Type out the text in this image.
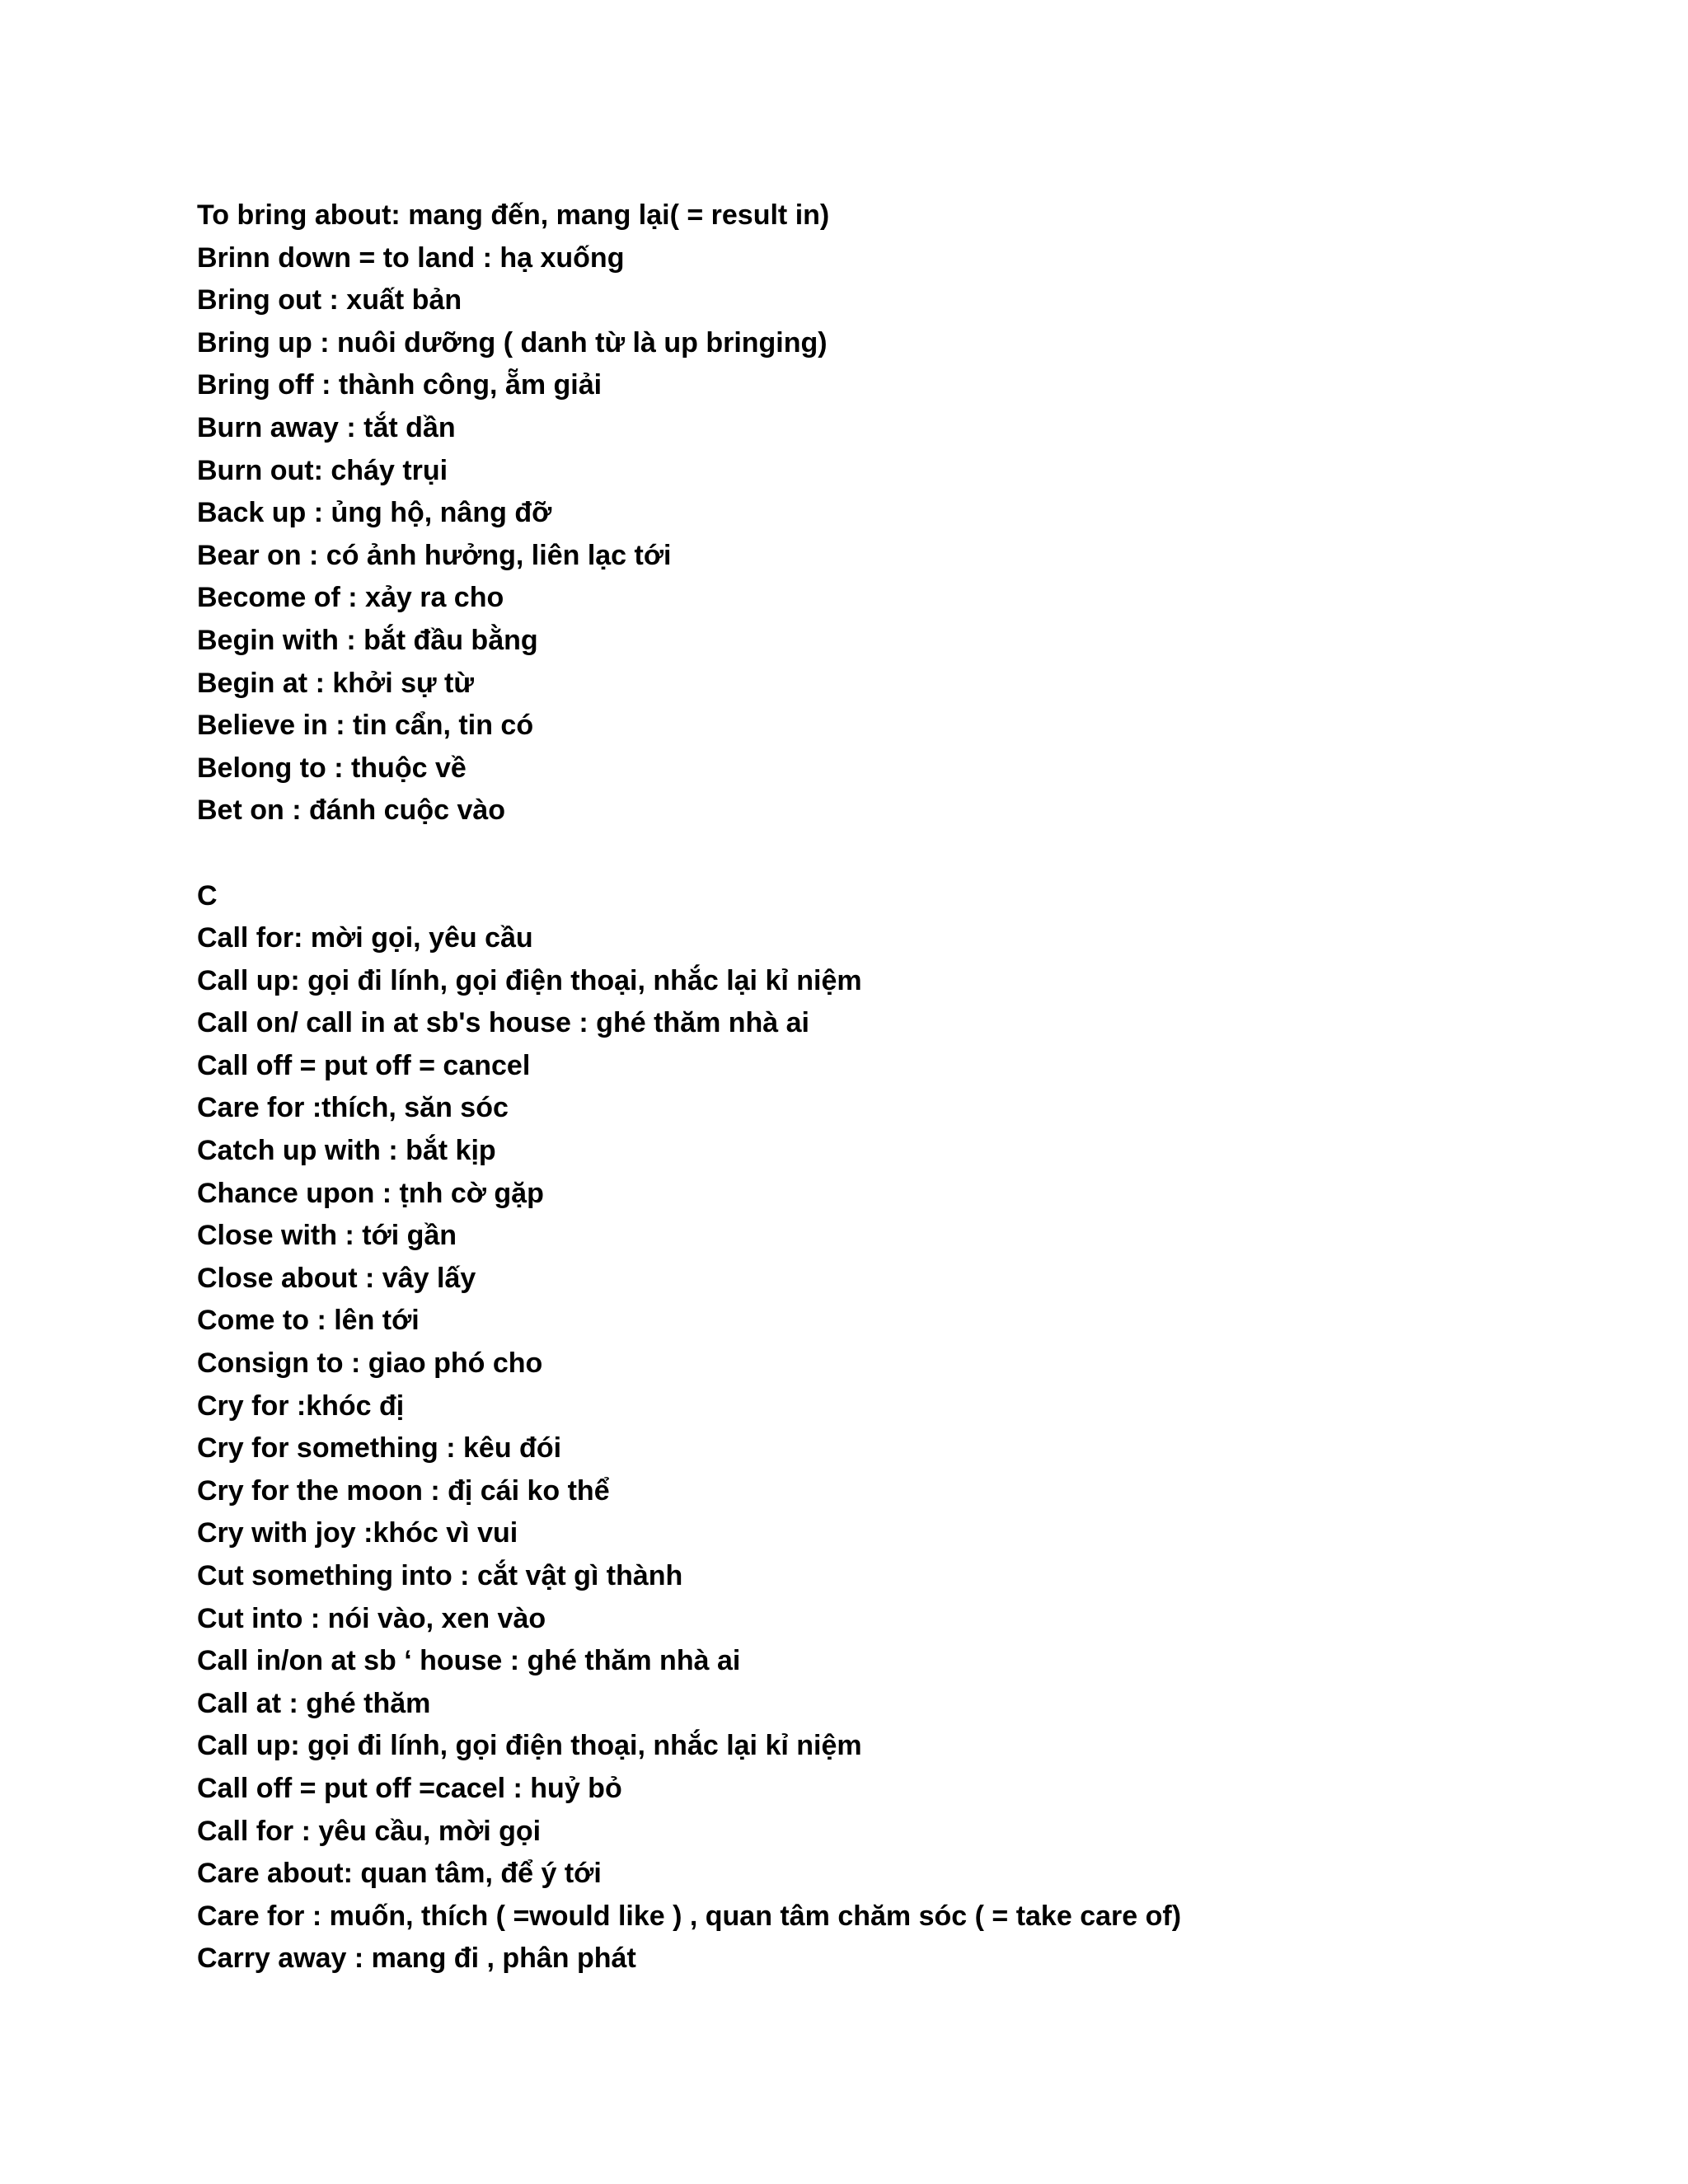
To bring about: mang đến, mang lại( = result in)
Brinn down = to land : hạ xuống
Bring out : xuất bản
Bring up : nuôi dưỡng ( danh từ là up bringing)
Bring off : thành công, ẵm giải
Burn away : tắt dần
Burn out: cháy trụi
Back up : ủng hộ, nâng đỡ
Bear on : có ảnh hưởng, liên lạc tới
Become of : xảy ra cho
Begin with : bắt đầu bằng
Begin at : khởi sự từ
Believe in : tin cẩn, tin có
Belong to : thuộc về
Bet on : đánh cuộc vào
C
Call for: mời gọi, yêu cầu
Call up: gọi đi lính, gọi điện thoại, nhắc lại kỉ niệm
Call on/ call in at sb's house : ghé thăm nhà ai
Call off = put off = cancel
Care for :thích, săn sóc
Catch up with : bắt kịp
Chance upon : ṭnh cờ gặp
Close with : tới gần
Close about : vây lấy
Come to : lên tới
Consign to : giao phó cho
Cry for :khóc đị
Cry for something : kêu đói
Cry for the moon : đị cái ko thể
Cry with joy :khóc vì vui
Cut something into : cắt vật gì thành
Cut into : nói vào, xen vào
Call in/on at sb ‘ house : ghé thăm nhà ai
Call at : ghé thăm
Call up: gọi đi lính, gọi điện thoại, nhắc lại kỉ niệm
Call off = put off =cacel : huỷ bỏ
Call for : yêu cầu, mời gọi
Care about: quan tâm, để ý tới
Care for : muốn, thích ( =would like ) , quan tâm chăm sóc ( = take care of)
Carry away : mang đi , phân phát
